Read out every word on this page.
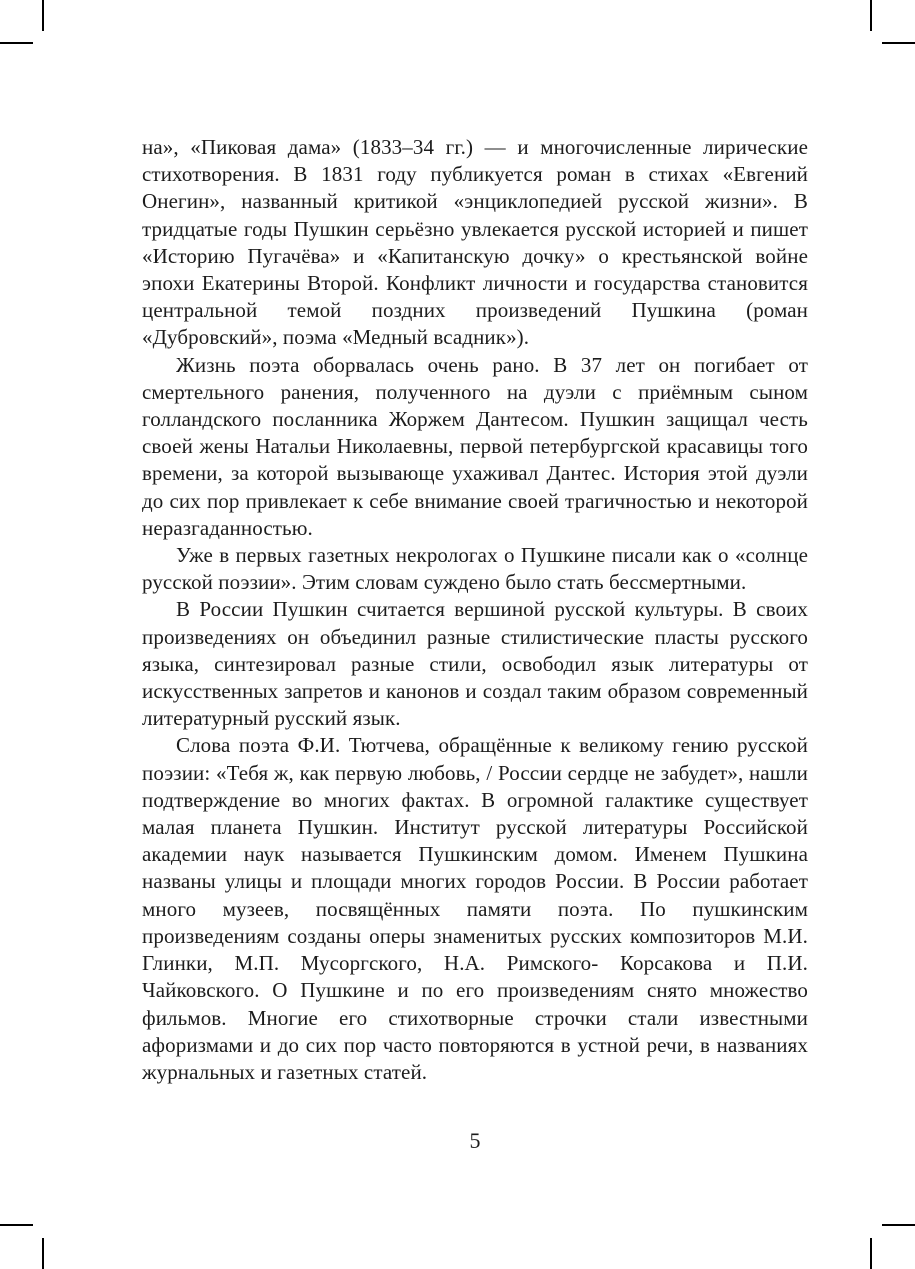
на», «Пиковая дама» (1833–34 гг.) — и многочисленные лирические стихотворения. В 1831 году публикуется роман в стихах «Евгений Онегин», названный критикой «энциклопедией русской жизни». В тридцатые годы Пушкин серьёзно увлекается русской историей и пишет «Историю Пугачёва» и «Капитанскую дочку» о крестьянской войне эпохи Екатерины Второй. Конфликт личности и государства становится центральной темой поздних произведений Пушкина (роман «Дубровский», поэма «Медный всадник»).

Жизнь поэта оборвалась очень рано. В 37 лет он погибает от смертельного ранения, полученного на дуэли с приёмным сыном голландского посланника Жоржем Дантесом. Пушкин защищал честь своей жены Натальи Николаевны, первой петербургской красавицы того времени, за которой вызывающе ухаживал Дантес. История этой дуэли до сих пор привлекает к себе внимание своей трагичностью и некоторой неразгаданностью.

Уже в первых газетных некрологах о Пушкине писали как о «солнце русской поэзии». Этим словам суждено было стать бессмертными.

В России Пушкин считается вершиной русской культуры. В своих произведениях он объединил разные стилистические пласты русского языка, синтезировал разные стили, освободил язык литературы от искусственных запретов и канонов и создал таким образом современный литературный русский язык.

Слова поэта Ф.И. Тютчева, обращённые к великому гению русской поэзии: «Тебя ж, как первую любовь, / России сердце не забудет», нашли подтверждение во многих фактах. В огромной галактике существует малая планета Пушкин. Институт русской литературы Российской академии наук называется Пушкинским домом. Именем Пушкина названы улицы и площади многих городов России. В России работает много музеев, посвящённых памяти поэта. По пушкинским произведениям созданы оперы знаменитых русских композиторов М.И. Глинки, М.П. Мусоргского, Н.А. Римского- Корсакова и П.И. Чайковского. О Пушкине и по его произведениям снято множество фильмов. Многие его стихотворные строчки стали известными афоризмами и до сих пор часто повторяются в устной речи, в названиях журнальных и газетных статей.

5
